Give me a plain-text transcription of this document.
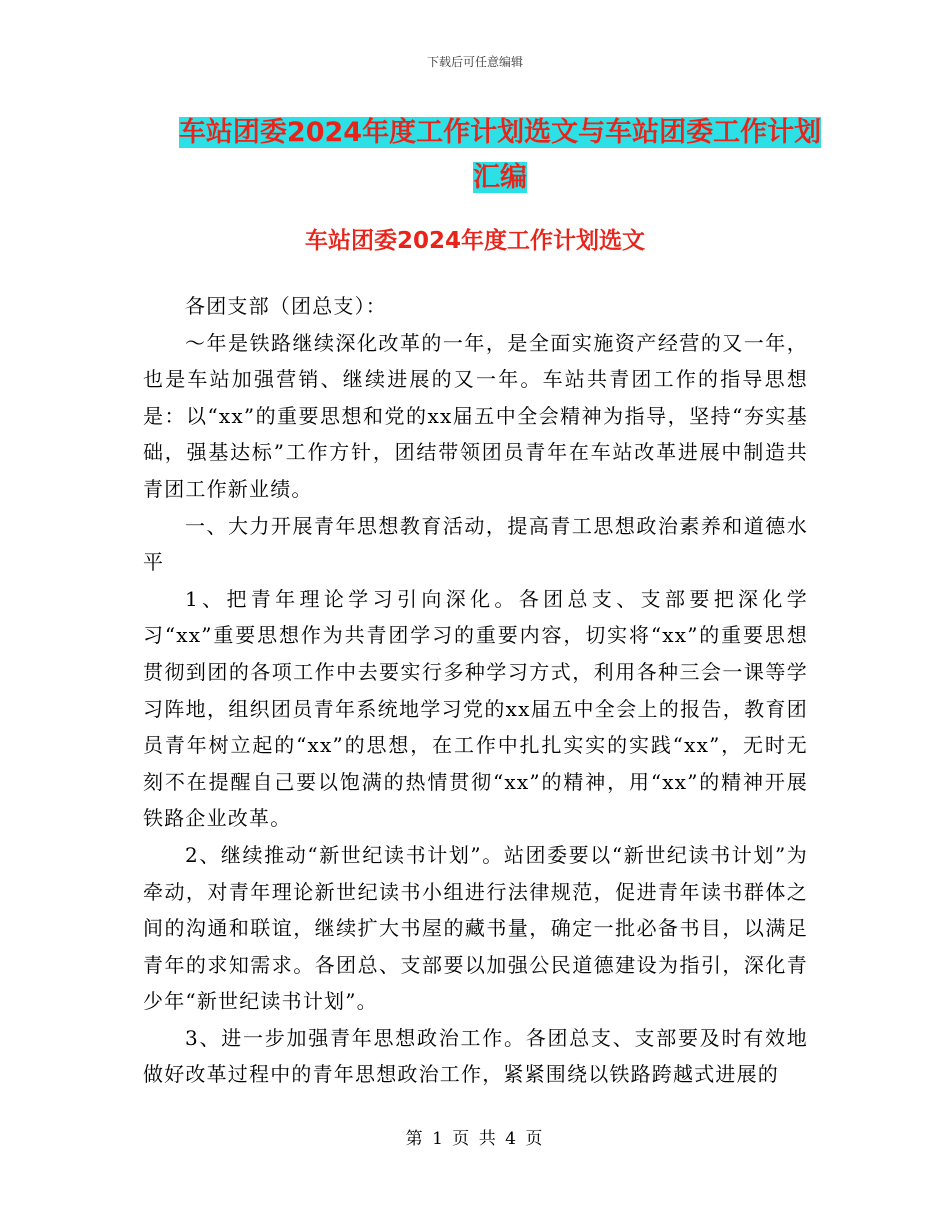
下载后可任意编辑
车站团委2024年度工作计划选文与车站团委工作计划
汇编
车站团委2024年度工作计划选文

各团支部（团总支）：

～年是铁路继续深化改革的一年，是全面实施资产经营的又一年，也是车站加强营销、继续进展的又一年。车站共青团工作的指导思想是：以“xx”的重要思想和党的xx届五中全会精神为指导，坚持“夯实基础，强基达标”工作方针，团结带领团员青年在车站改革进展中制造共青团工作新业绩。

一、大力开展青年思想教育活动，提高青工思想政治素养和道德水平

1、把青年理论学习引向深化。各团总支、支部要把深化学习“xx”重要思想作为共青团学习的重要内容，切实将“xx”的重要思想贯彻到团的各项工作中去要实行多种学习方式，利用各种三会一课等学习阵地，组织团员青年系统地学习党的xx届五中全会上的报告，教育团员青年树立起的“xx”的思想，在工作中扎扎实实的实践“xx”，无时无刻不在提醒自己要以饱满的热情贯彻“xx”的精神，用“xx”的精神开展铁路企业改革。

2、继续推动“新世纪读书计划”。站团委要以“新世纪读书计划”为牵动，对青年理论新世纪读书小组进行法律规范，促进青年读书群体之间的沟通和联谊，继续扩大书屋的藏书量，确定一批必备书目，以满足青年的求知需求。各团总、支部要以加强公民道德建设为指引，深化青少年“新世纪读书计划”。

3、进一步加强青年思想政治工作。各团总支、支部要及时有效地做好改革过程中的青年思想政治工作，紧紧围绕以铁路跨越式进展的

第 1 页 共 4 页
